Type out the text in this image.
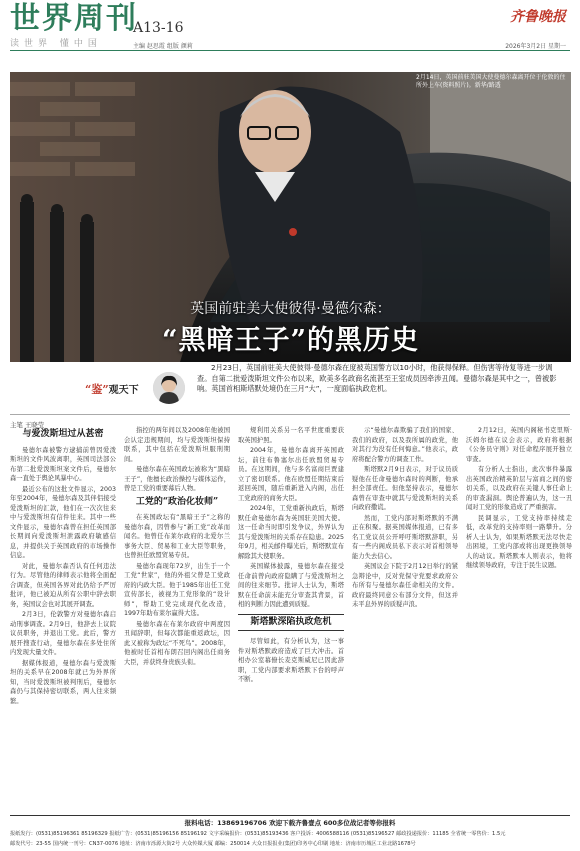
世界周刊
读世界 懂中国
A13-16
主编 赵思霞 组版 颜莉
齐鲁晚报
2026年3月2日 星期一
2月14日，英国前驻美国大使曼德尔森离开位于伦敦的住所外上车(资料照片)。新华/路透
英国前驻美大使彼得·曼德尔森：
“黑暗王子”的黑历史
“鉴”观天下
2月23日，英国前驻美大使彼得·曼德尔森在度被英国警方以10小时，他获得保释。但伤害等待复等进一步调查。自第二批爱泼斯坦文件公布以来，欧美多名政商名流甚至王室成员因牵涉丑闻。曼德尔森是其中之一，曾被影响。英国首相斯塔默处境仍在三月“大”，一度面临执政危机。
主笔 王晓莹
与爱泼斯坦过从甚密

曼德尔森被警方逮捕前曾因爱泼斯坦的文件风波离职，英国司法部公布第二批爱泼斯坦案文件后，曼德尔森一直处于舆论风暴中心。

最近公布的这批文件显示，2003年至2004年，曼德尔森及其伴侣接受爱泼斯坦的汇款，他们在一次次往来中与爱泼斯坦有信件往来。其中一些文件显示，曼德尔森曾在担任英国部长期间向爱泼斯坦泄露政府敏感信息，并提供关于英国政府的市场操作信息。

对此，曼德尔森否认有任何违法行为。尽管他的律师表示他将全面配合调查，但英国各界对此仍给予严厉批评，他已被迫从所有公职中辞去职务，英国议会也对其展开调查。

2月3日，伦敦警方对曼德尔森启动刑事调查。2月9日，他辞去上议院议员职务，并退出工党。此后，警方展开搜查行动，曼德尔森在多处住所内发现大量文件。

据媒体报道，曼德尔森与爱泼斯坦的关系早在2008年就已为外界所知，当时爱泼斯坦被判刑后，曼德尔森仍与其保持密切联系，两人往来频繁。

指控的两年间以及2008年他被国会认定违规期间，均与爱泼斯坦保持联系，其中包括在爱泼斯坦服刑期间。

曼德尔森在英国政坛被称为“黑暗王子”，他擅长政治操控与媒体运作，曾是工党的重要幕后人物。

工党的“政治化妆师”

在英国政坛有“黑暗王子”之称的曼德尔森，因曾参与“新工党”改革而闻名。他曾任布莱尔政府的北爱尔兰事务大臣、贸易和工业大臣等职务，也曾担任欧盟贸易专员。

曼德尔森现年72岁，出生于一个工党“世家”，他的外祖父曾是工党政府的内政大臣。他于1985年出任工党宣传部长，被视为工党形象的“设计师”，帮助工党完成现代化改造，1997年助布莱尔赢得大选。

曼德尔森在布莱尔政府中两度因丑闻辞职，但每次都能重返政坛，因此又被称为政坛“不死鸟”。2008年，他被时任首相布朗召回内阁出任商务大臣，并获终身贵族头衔。

规利用关系另一名平世度重要获取英国护照。

2004年，曼德尔森离开英国政坛，前往布鲁塞尔出任欧盟贸易专员。在这期间，他与多名富商巨贾建立了密切联系。他在欧盟任期结束后返回英国，随后重新进入内阁，出任工党政府的商务大臣。

2024年，工党重新执政后，斯塔默任命曼德尔森为英国驻美国大使。这一任命当时即引发争议，外界认为其与爱泼斯坦的关系存在隐患。2025年9月，相关邮件曝光后，斯塔默宣布解除其大使职务。

英国媒体披露，曼德尔森在接受任命前曾向政府隐瞒了与爱泼斯坦之间的往来细节。批评人士认为，斯塔默在任命前未能充分审查其背景，首相的判断力因此遭到质疑。

斯塔默深陷执政危机

尽管如此，有分析认为，这一事件对斯塔默政府造成了巨大冲击。首相办公室幕僚长麦克斯威尼已因此辞职，工党内部要求斯塔默下台的呼声不断。

示“曼德尔森欺骗了我们的国家、我们的政府，以及我所属的政党，他对其行为没有任何悔意。”他表示，政府将配合警方的调查工作。

斯塔默2月9日表示，对于议员质疑他在任命曼德尔森时的判断，他承担全部责任。但他坚持表示，曼德尔森曾在审查中就其与爱泼斯坦的关系向政府撒谎。

然而，工党内部对斯塔默的不满正在积聚。据英国媒体报道，已有多名工党议员公开呼吁斯塔默辞职，另有一些内阁成员私下表示对首相领导能力失去信心。

英国议会下院于2月12日举行的紧急辩论中，反对党保守党要求政府公布所有与曼德尔森任命相关的文件。政府最终同意公布部分文件，但这并未平息外界的质疑声浪。

2月12日，英国内阁秘书克里斯·沃姆尔德在议会表示，政府将根据《公务员守则》对任命程序展开独立审查。

有分析人士指出，此次事件暴露出英国政治精英阶层与富商之间的密切关系，以及政府在关键人事任命上的审查漏洞。舆论普遍认为，这一丑闻对工党的形象造成了严重损害。

民调显示，工党支持率持续走低，改革党的支持率则一路攀升。分析人士认为，如果斯塔默无法尽快走出困境，工党内部或将出现更换领导人的动议。斯塔默本人则表示，他将继续领导政府，专注于民生议题。

报料电话：13869196706 欢迎下载齐鲁壹点 600多位战记者等你报料
报纸发行：(0531)85196361 85196329 报纸广告：(0531)85196156 85196192 文字采编报价：(0531)85193436 客户投诉：4006588116 (0531)85196527 邮政投递报价：11185 全省统一零售价：1.5元
邮发代号：23-55 国内统一刊号：CN37-0076 地址：济南市泺源大街2号 大众传媒大厦 邮编：250014 大众日报报业(集团)印务中心印刷 地址：济南市历城区工业北路1678号
